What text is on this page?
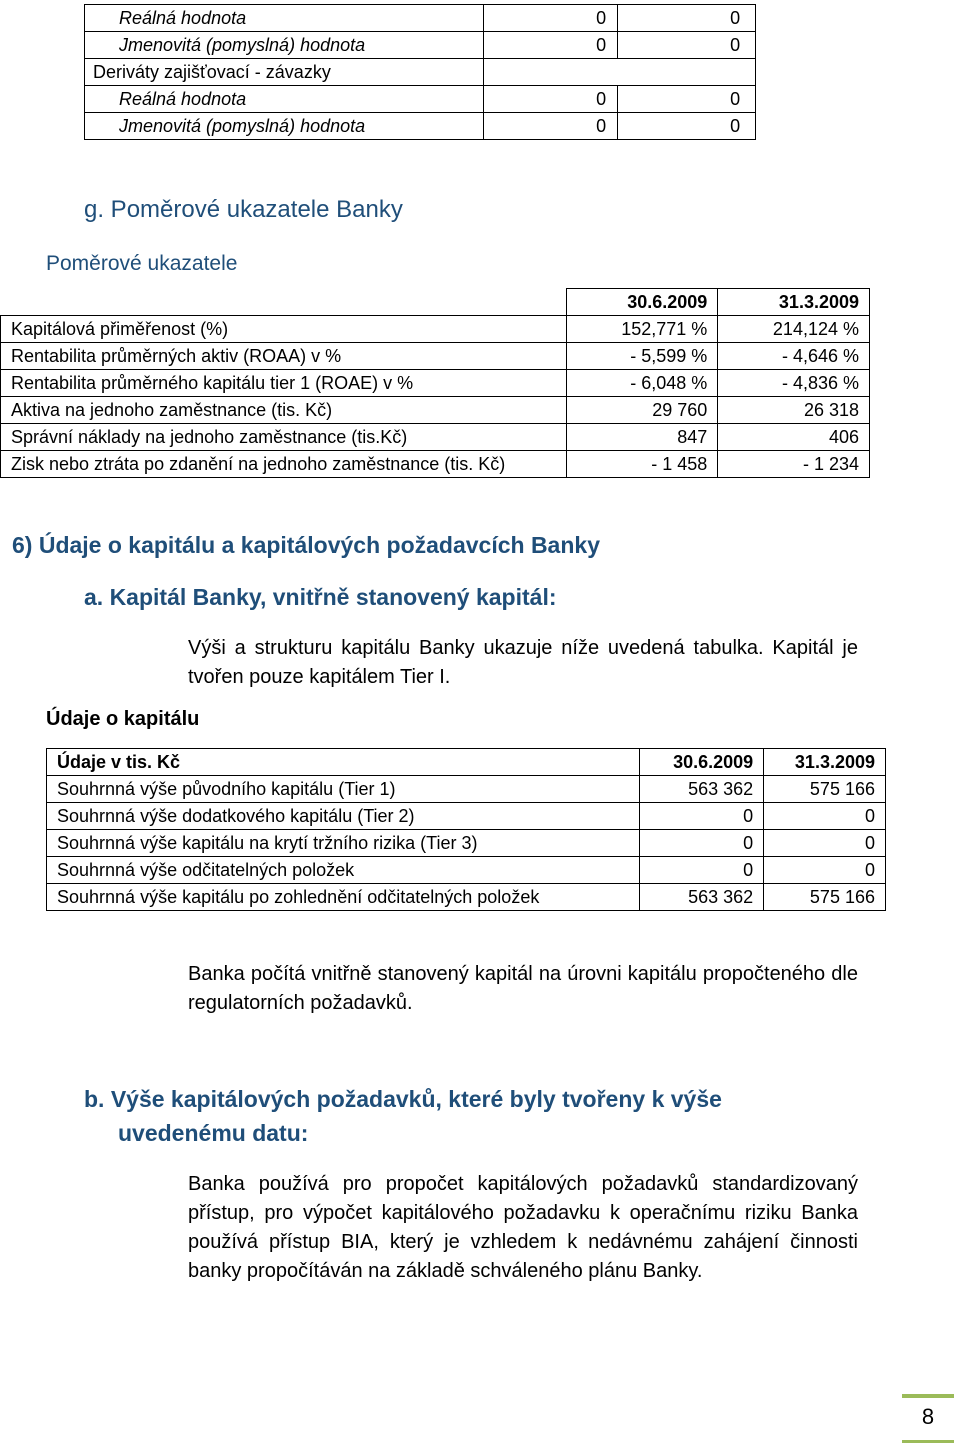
Reálná hodnota	0	0
Jmenovitá (pomyslná) hodnota	0	0
Deriváty zajišťovací - závazky		
Reálná hodnota	0	0
Jmenovitá (pomyslná) hodnota	0	0
g. Poměrové ukazatele Banky
Poměrové ukazatele
	30.6.2009	31.3.2009
Kapitálová přiměřenost (%)	152,771 %	214,124 %
Rentabilita průměrných aktiv (ROAA) v %	- 5,599 %	- 4,646 %
Rentabilita průměrného kapitálu tier 1 (ROAE) v %	- 6,048 %	- 4,836 %
Aktiva na jednoho zaměstnance (tis. Kč)	29 760	26 318
Správní náklady na jednoho zaměstnance (tis.Kč)	847	406
Zisk nebo ztráta po zdanění na jednoho zaměstnance (tis. Kč)	- 1 458	- 1 234
6) Údaje o kapitálu a kapitálových požadavcích Banky
a. Kapitál Banky, vnitřně stanovený kapitál:
Výši a strukturu kapitálu Banky ukazuje níže uvedená tabulka. Kapitál je tvořen pouze kapitálem Tier I.
Údaje o kapitálu
Údaje v tis. Kč	30.6.2009	31.3.2009
Souhrnná výše původního kapitálu (Tier 1)	563 362	575 166
Souhrnná výše dodatkového kapitálu (Tier 2)	0	0
Souhrnná výše kapitálu na krytí tržního rizika (Tier 3)	0	0
Souhrnná výše odčitatelných položek	0	0
Souhrnná výše kapitálu po zohlednění odčitatelných položek	563 362	575 166
Banka počítá vnitřně stanovený kapitál na úrovni kapitálu propočteného dle regulatorních požadavků.
b. Výše kapitálových požadavků, které byly tvořeny k výše
uvedenému datu:
Banka používá pro propočet kapitálových požadavků standardizovaný přístup, pro výpočet kapitálového požadavku k operačnímu riziku Banka používá přístup BIA, který je vzhledem k nedávnému zahájení činnosti banky propočítáván na základě schváleného plánu Banky.
8
